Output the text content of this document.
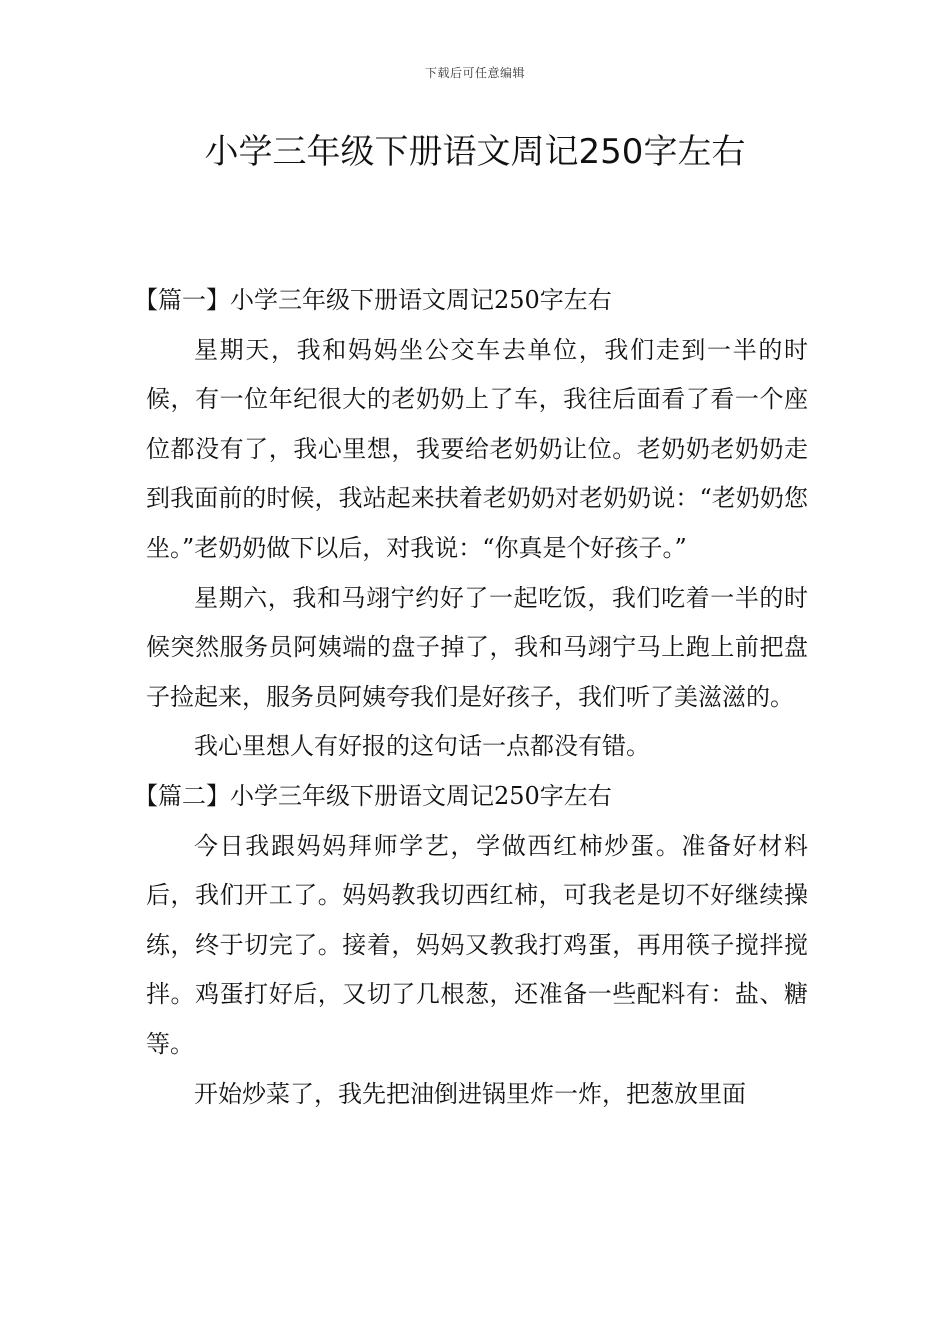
下载后可任意编辑
小学三年级下册语文周记250字左右

【篇一】小学三年级下册语文周记250字左右

星期天，我和妈妈坐公交车去单位，我们走到一半的时候，有一位年纪很大的老奶奶上了车，我往后面看了看一个座位都没有了，我心里想，我要给老奶奶让位。老奶奶老奶奶走到我面前的时候，我站起来扶着老奶奶对老奶奶说：“老奶奶您坐。”老奶奶做下以后，对我说：“你真是个好孩子。”

星期六，我和马翊宁约好了一起吃饭，我们吃着一半的时候突然服务员阿姨端的盘子掉了，我和马翊宁马上跑上前把盘子捡起来，服务员阿姨夸我们是好孩子，我们听了美滋滋的。

我心里想人有好报的这句话一点都没有错。

【篇二】小学三年级下册语文周记250字左右

今日我跟妈妈拜师学艺，学做西红柿炒蛋。准备好材料后，我们开工了。妈妈教我切西红柿，可我老是切不好继续操练，终于切完了。接着，妈妈又教我打鸡蛋，再用筷子搅拌搅拌。鸡蛋打好后，又切了几根葱，还准备一些配料有：盐、糖等。

开始炒菜了，我先把油倒进锅里炸一炸，把葱放里面
